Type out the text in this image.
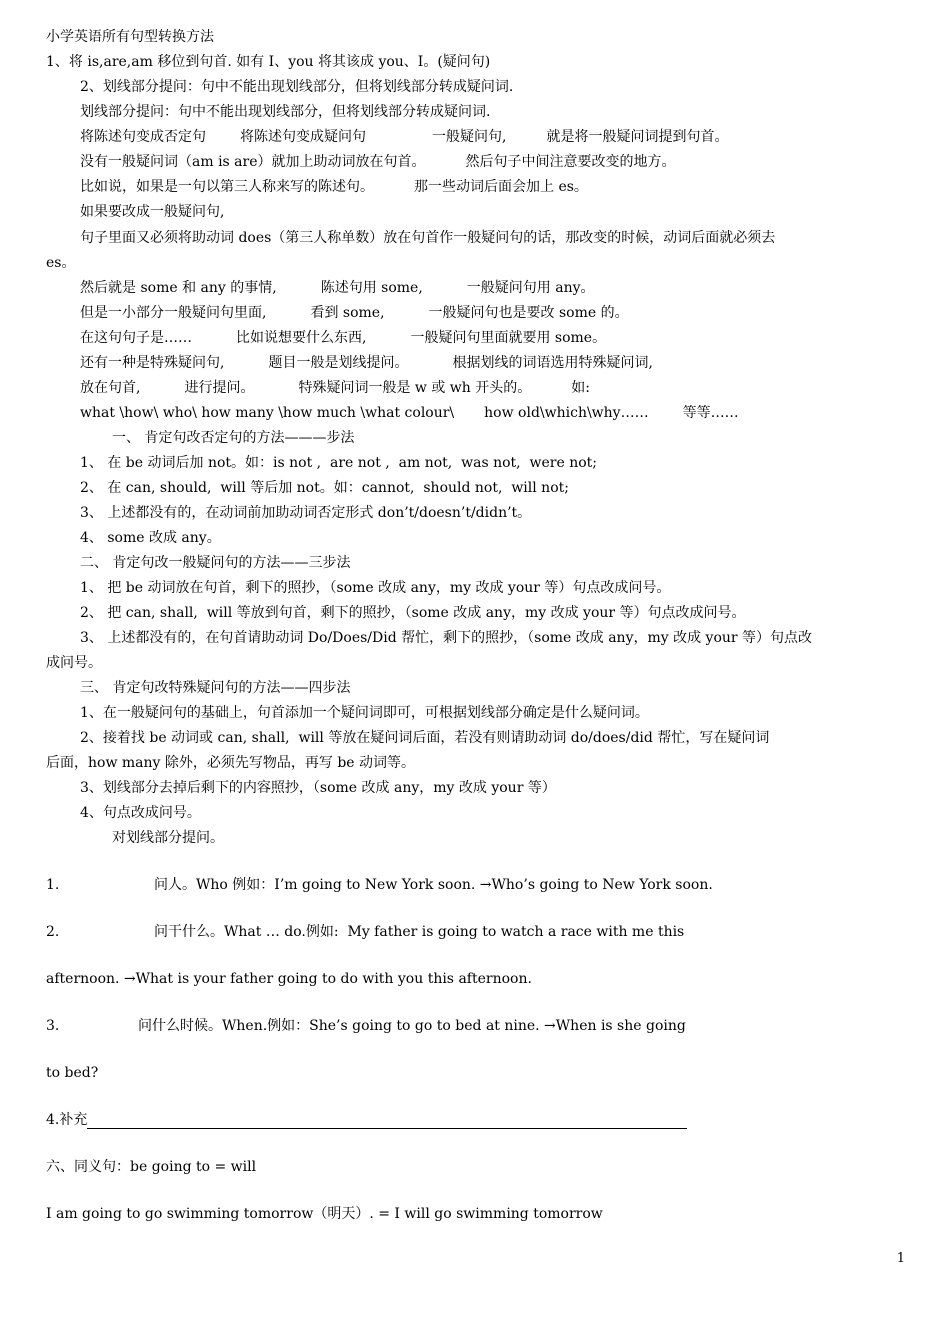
小学英语所有句型转换方法
1、将 is,are,am 移位到句首. 如有 I、you 将其该成 you、I。(疑问句)
2、划线部分提问：句中不能出现划线部分，但将划线部分转成疑问词.
划线部分提问：句中不能出现划线部分，但将划线部分转成疑问词.
将陈述句变成否定句 将陈述句变成疑问句	一般疑问句,	就是将一般疑问词提到句首。
没有一般疑问词（am is are）就加上助动词放在句首。	然后句子中间注意要改变的地方。
比如说，如果是一句以第三人称来写的陈述句。	那一些动词后面会加上 es。
如果要改成一般疑问句,
句子里面又必须将助动词 does（第三人称单数）放在句首作一般疑问句的话，那改变的时候，动词后面就必须去
es。
然后就是 some 和 any 的事情,	陈述句用 some,	一般疑问句用 any。
但是一小部分一般疑问句里面,	看到 some,	一般疑问句也是要改 some 的。
在这句句子是……	比如说想要什么东西,	一般疑问句里面就要用 some。
还有一种是特殊疑问句,	题目一般是划线提问。	根据划线的词语选用特殊疑问词,
放在句首,	进行提问。	特殊疑问词一般是 w 或 wh 开头的。	如:
what \how\ who\ how many \how much \what colour\ how old\which\why…… 等等……
一、 肯定句改否定句的方法———步法
1、 在 be 动词后加 not。如：is not ,  are not ,  am not,  was not,  were not;
2、 在 can, should,  will 等后加 not。如：cannot,  should not,  will not;
3、 上述都没有的，在动词前加助动词否定形式 don’t/doesn’t/didn’t。
4、 some 改成 any。
二、 肯定句改一般疑问句的方法——三步法
1、 把 be 动词放在句首，剩下的照抄，（some 改成 any，my 改成 your 等）句点改成问号。
2、 把 can, shall,  will 等放到句首，剩下的照抄，（some 改成 any，my 改成 your 等）句点改成问号。
3、 上述都没有的，在句首请助动词 Do/Does/Did 帮忙，剩下的照抄，（some 改成 any，my 改成 your 等）句点改
成问号。
三、 肯定句改特殊疑问句的方法——四步法
1、在一般疑问句的基础上，句首添加一个疑问词即可，可根据划线部分确定是什么疑问词。
2、接着找 be 动词或 can, shall,  will 等放在疑问词后面，若没有则请助动词 do/does/did 帮忙，写在疑问词
后面，how many 除外，必须先写物品，再写 be 动词等。
3、划线部分去掉后剩下的内容照抄，（some 改成 any，my 改成 your 等）
4、句点改成问号。
对划线部分提问。
1.	问人。Who 例如：I’m going to New York soon. →Who’s going to New York soon.
2.	问干什么。What … do.例如:  My father is going to watch a race with me this
afternoon. →What is your father going to do with you this afternoon.
3.	问什么时候。When.例如：She’s going to go to bed at nine. →When is she going
to bed?
4.补充
六、同义句：be going to = will
I am going to go swimming tomorrow（明天）. = I will go swimming tomorrow
1
